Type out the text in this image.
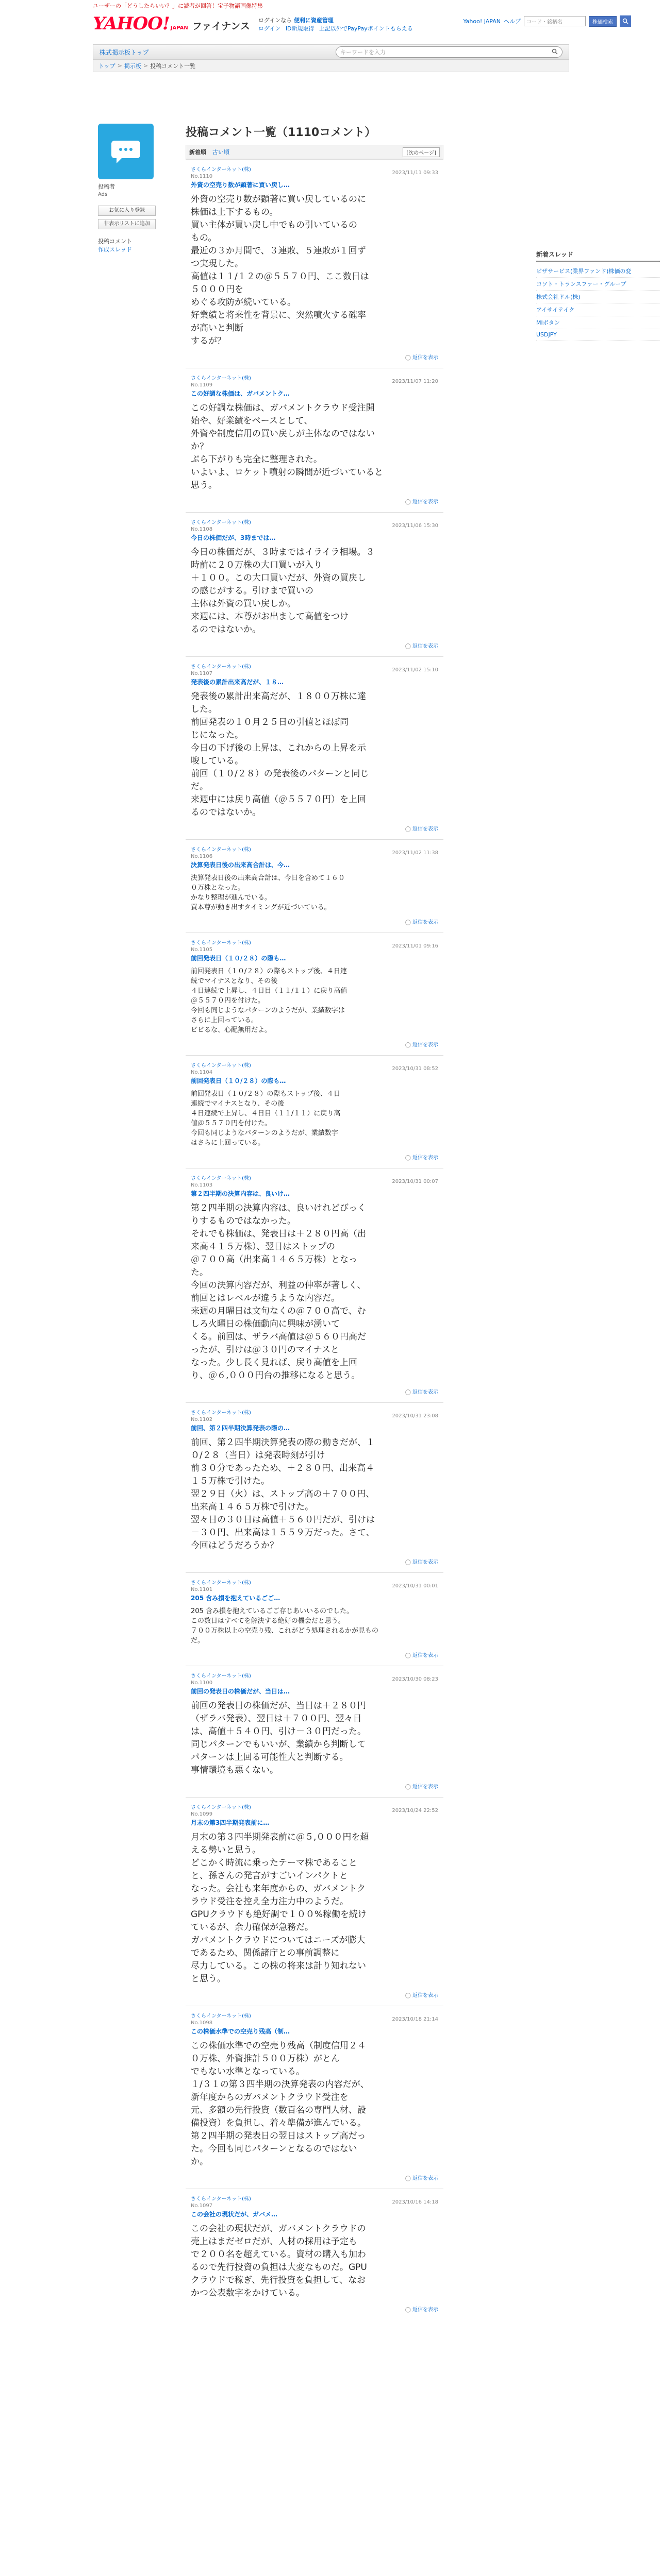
ユーザーの「どうしたらいい？」に読者が回答！宝子物語画像特集
YAHOO! JAPAN ファイナンス
ログインなら 便利に資産管理
ログイン ID新規取得 上記以外でPayPayポイントもらえる
Yahoo! JAPAN ヘルプ	コード・銘柄名	株価検索
株式掲示板トップ	キーワードを入力
トップ > 掲示板 > 投稿コメント一覧
投稿者
Ads
お気に入り登録
非表示リストに追加
投稿コメント
作成スレッド
投稿コメント一覧（1110コメント）
新着順 古い順	[次のページ]
さくらインターネット(株)
No.1110
2023/11/11 09:33
外資の空売り数が顕著に買い戻し…
外資の空売り数が顕著に買い戻しているのに
株価は上下するもの。
買い主体が買い戻し中でもの引いているの
もの。
最近の３か月間で、３連敗、５連敗が１回ず
つ実現した。
高値は１１/１２の＠５５７０円、ここ数日は
５０００円を
めぐる攻防が続いている。
好業績と将来性を背景に、突然噴火する確率
が高いと判断
するが？
◯ 返信を表示
さくらインターネット(株)
No.1109
2023/11/07 11:20
この好調な株価は、ガバメントク…
この好調な株価は、ガバメントクラウド受注開
始や、好業績をベースとして、
外資や制度信用の買い戻しが主体なのではない
か？
ぶら下がりも完全に整理された。
いよいよ、ロケット噴射の瞬間が近づいていると
思う。
◯ 返信を表示
さくらインターネット(株)
No.1108
2023/11/06 15:30
今日の株価だが、3時までは…
今日の株価だが、３時まではイライラ相場。３
時前に２０万株の大口買いが入り
＋１００。この大口買いだが、外資の買戻し
の感じがする。引けまで買いの
主体は外資の買い戻しか。
来週には、本尊がお出まして高値をつけ
るのではないか。
◯ 返信を表示
さくらインターネット(株)
No.1107
2023/11/02 15:10
発表後の累計出来高だが、１８…
発表後の累計出来高だが、１８００万株に達
した。
前回発表の１０月２５日の引値とほぼ同
じになった。
今日の下げ後の上昇は、これからの上昇を示
唆している。
前回（１０/２８）の発表後のパターンと同じ
だ。
来週中には戻り高値（＠５５７０円）を上回
るのではないか。
◯ 返信を表示
さくらインターネット(株)
No.1106
2023/11/02 11:38
決算発表日後の出来高合計は、今…
決算発表日後の出来高合計は、今日を含めて１６０
０万株となった。
かなり整理が進んでいる。
買本尊が動き出すタイミングが近づいている。
◯ 返信を表示
さくらインターネット(株)
No.1105
2023/11/01 09:16
前回発表日（１０/２８）の際も…
前回発表日（１０/２８）の際もストップ後、４日連
続でマイナスとなり、その後
４日連続で上昇し、４日目（１１/１１）に戻り高値
＠５５７０円を付けた。
今回も同じようなパターンのようだが、業績数字は
さらに上回っている。
ビビるな、心配無用だよ。
◯ 返信を表示
さくらインターネット(株)
No.1104
2023/10/31 08:52
前回発表日（１０/２８）の際も…
前回発表日（１０/２８）の際もストップ後、４日
連続でマイナスとなり、その後
４日連続で上昇し、４日目（１１/１１）に戻り高
値＠５５７０円を付けた。
今回も同じようなパターンのようだが、業績数字
はさらに上回っている。
◯ 返信を表示
さくらインターネット(株)
No.1103
2023/10/31 00:07
第２四半期の決算内容は、良いけ…
第２四半期の決算内容は、良いけれどびっく
りするものではなかった。
それでも株価は、発表日は＋２８０円高（出
来高４１５万株）、翌日はストップの
＠７００高（出来高１４６５万株）となっ
た。
今回の決算内容だが、利益の伸率が著しく、
前回とはレベルが違うような内容だ。
来週の月曜日は文句なくの＠７００高で、む
しろ火曜日の株価動向に興味が湧いて
くる。前回は、ザラバ高値は＠５６０円高だ
ったが、引けは＠３０円のマイナスと
なった。少し長く見れば、戻り高値を上回
り、＠６,０００円台の推移になると思う。
◯ 返信を表示
さくらインターネット(株)
No.1102
2023/10/31 23:08
前回、第２四半期決算発表の際の…
前回、第２四半期決算発表の際の動きだが、１
０/２８（当日）は発表時刻が引け
前３０分であったため、＋２８０円、出来高４
１５万株で引けた。
翌２９日（火）は、ストップ高の＋７００円、
出来高１４６５万株で引けた。
翌々日の３０日は高値＋５６０円だが、引けは
－３０円、出来高は１５５９万だった。さて、
今回はどうだろうか？
◯ 返信を表示
さくらインターネット(株)
No.1101
2023/10/31 00:01
205 含み損を抱えているごご…
205 含み損を抱えているごご存じあいいるのでした。
この数日はすべてを解決する絶好の機会だと思う。
７００万株以上の空売り残、これがどう処理されるかが見もの
だ。
◯ 返信を表示
さくらインターネット(株)
No.1100
2023/10/30 08:23
前回の発表日の株価だが、当日は…
前回の発表日の株価だが、当日は＋２８０円
（ザラバ発表）、翌日は＋７００円、翌々日
は、高値＋５４０円、引け－３０円だった。
同じパターンでもいいが、業績から判断して
パターンは上回る可能性大と判断する。
事情環境も悪くない。
◯ 返信を表示
さくらインターネット(株)
No.1099
2023/10/24 22:52
月末の第3四半期発表前に…
月末の第３四半期発表前に＠５,０００円を超
える勢いと思う。
どこかく時流に乗ったテーマ株であること
と、孫さんの発言がすごいインパクトと
なった。会社も来年度からの、ガバメントク
ラウド受注を控え全力注力中のようだ。
GPUクラウドも絶好調で１００%稼働を続け
ているが、余力確保が急務だ。
ガバメントクラウドについてはニーズが膨大
であるため、関係諸庁との事前調整に
尽力している。この株の将来は計り知れない
と思う。
◯ 返信を表示
さくらインターネット(株)
No.1098
2023/10/18 21:14
この株価水準での空売り残高（制…
この株価水準での空売り残高（制度信用２４
０万株、外資推計５００万株）がとん
でもない水準となっている。
１/３１の第３四半期の決算発表の内容だが、
新年度からのガバメントクラウド受注を
元、多額の先行投資（数百名の専門人材、設
備投資）を負担し、着々準備が進んでいる。
第２四半期の発表日の翌日はストップ高だっ
た。今回も同じパターンとなるのではない
か。
◯ 返信を表示
さくらインターネット(株)
No.1097
2023/10/16 14:18
この会社の現状だが、ガバメ…
この会社の現状だが、ガバメントクラウドの
売上はまだゼロだが、人材の採用は予定も
で２００名を超えている。資材の購入も加わ
るので先行投資の負担は大変なものだ。GPU
クラウドで稼ぎ、先行投資を負担して、なお
かつ公表数字をかけている。
◯ 返信を表示
新着スレッド
ビザサービス(業界ファンド)株価の変
コソト・トランスファー・グループ
株式会社ドル(株)
アイサイテイク
MIボタン
USDJPY
